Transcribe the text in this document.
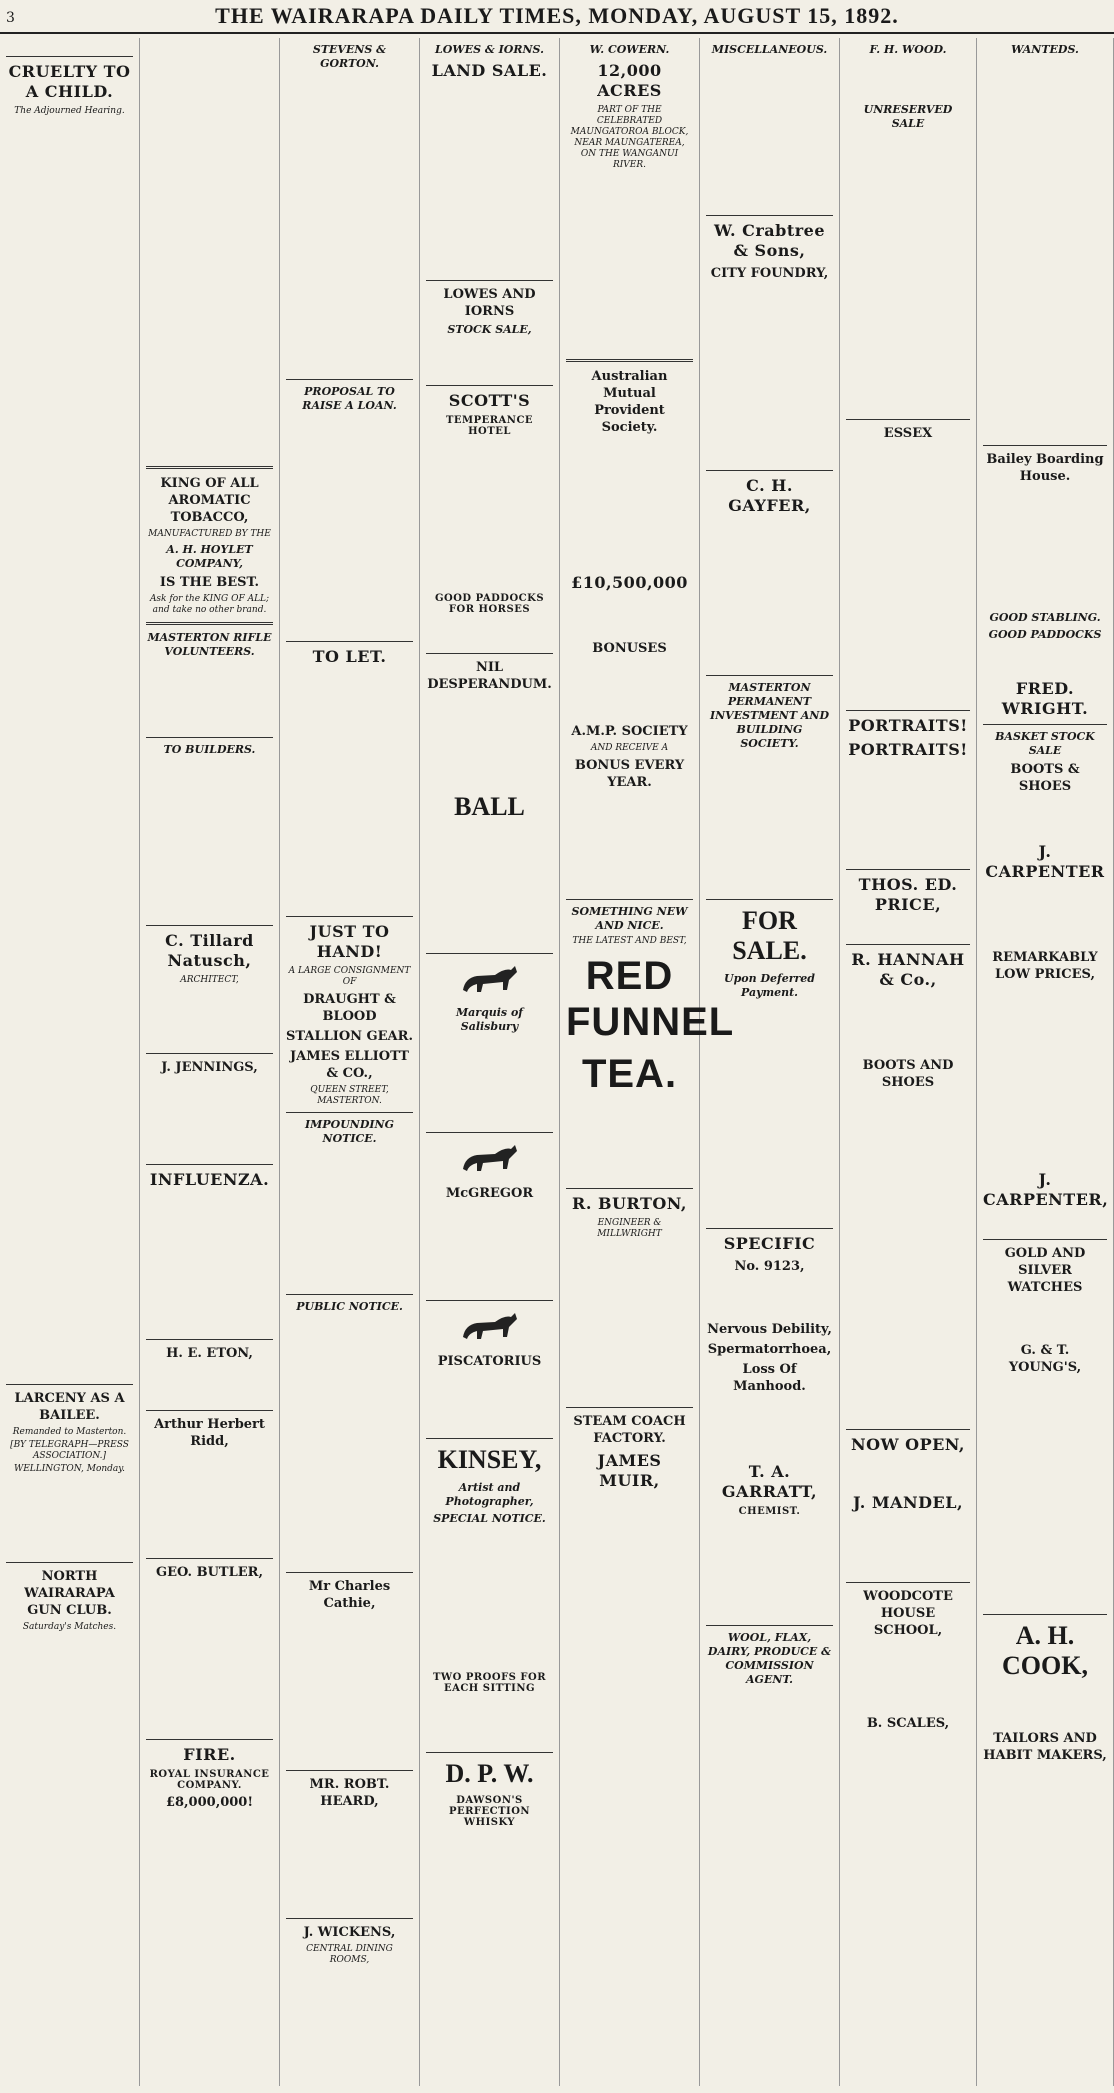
3	THE WAIRARAPA DAILY TIMES, MONDAY, AUGUST 15, 1892.

CRUELTY TO A CHILD.
The Adjourned Hearing.
LARCENY AS A BAILEE.
Remanded to Masterton.
[BY TELEGRAPH—PRESS ASSOCIATION.]
WELLINGTON, Monday.
NORTH WAIRARAPA GUN CLUB.
Saturday's Matches.
KING OF ALL AROMATIC TOBACCO,
MANUFACTURED BY THE
A. H. HOYLET COMPANY,
IS THE BEST.
Ask for the KING OF ALL; and take no other brand.
MASTERTON RIFLE VOLUNTEERS.
TO BUILDERS.
C. Tillard Natusch,
ARCHITECT,
J. JENNINGS,
INFLUENZA.
H. E. ETON,
Arthur Herbert Ridd,
GEO. BUTLER,
FIRE.
ROYAL INSURANCE COMPANY.
£8,000,000!
STEVENS & GORTON.
PROPOSAL TO RAISE A LOAN.
TO LET.
JUST TO HAND!
A LARGE CONSIGNMENT OF
DRAUGHT & BLOOD
STALLION GEAR.
JAMES ELLIOTT & CO.,
QUEEN STREET, MASTERTON.
IMPOUNDING NOTICE.
PUBLIC NOTICE.
Mr Charles Cathie,
MR. ROBT. HEARD,
J. WICKENS,
CENTRAL DINING ROOMS,
LOWES & IORNS.
LAND SALE.
LOWES AND IORNS
STOCK SALE,
SCOTT'S
TEMPERANCE HOTEL
GOOD PADDOCKS FOR HORSES
NIL DESPERANDUM.
BALL
Marquis of Salisbury
McGREGOR
PISCATORIUS
KINSEY,
Artist and Photographer,
SPECIAL NOTICE.
TWO PROOFS FOR EACH SITTING
D. P. W.
DAWSON'S PERFECTION WHISKY
W. COWERN.
12,000 ACRES
PART OF THE CELEBRATED MAUNGATOROA BLOCK, NEAR MAUNGATEREA, ON THE WANGANUI RIVER.
Australian Mutual Provident Society.
£10,500,000
BONUSES
A.M.P. SOCIETY
AND RECEIVE A
BONUS EVERY YEAR.
SOMETHING NEW AND NICE.
THE LATEST AND BEST,
RED FUNNEL
TEA.
R. BURTON,
ENGINEER & MILLWRIGHT
STEAM COACH FACTORY.
JAMES MUIR,
MISCELLANEOUS.
W. Crabtree & Sons,
CITY FOUNDRY,
C. H. GAYFER,
MASTERTON PERMANENT INVESTMENT AND BUILDING SOCIETY.
FOR SALE.
Upon Deferred Payment.
SPECIFIC
No. 9123,
Nervous Debility,
Spermatorrhoea,
Loss Of Manhood.
T. A. GARRATT,
CHEMIST.
WOOL, FLAX, DAIRY, PRODUCE & COMMISSION AGENT.
F. H. WOOD.
UNRESERVED SALE
ESSEX
PORTRAITS!
PORTRAITS!
THOS. ED. PRICE,
R. HANNAH & Co.,
BOOTS AND SHOES
NOW OPEN,
J. MANDEL,
WOODCOTE HOUSE SCHOOL,
B. SCALES,
WANTEDS.
Bailey Boarding House.
GOOD STABLING.
GOOD PADDOCKS
FRED. WRIGHT.
BASKET STOCK SALE
BOOTS & SHOES
J. CARPENTER
REMARKABLY LOW PRICES,
J. CARPENTER,
GOLD AND SILVER WATCHES
G. & T. YOUNG'S,
A. H. COOK,
TAILORS AND HABIT MAKERS,
